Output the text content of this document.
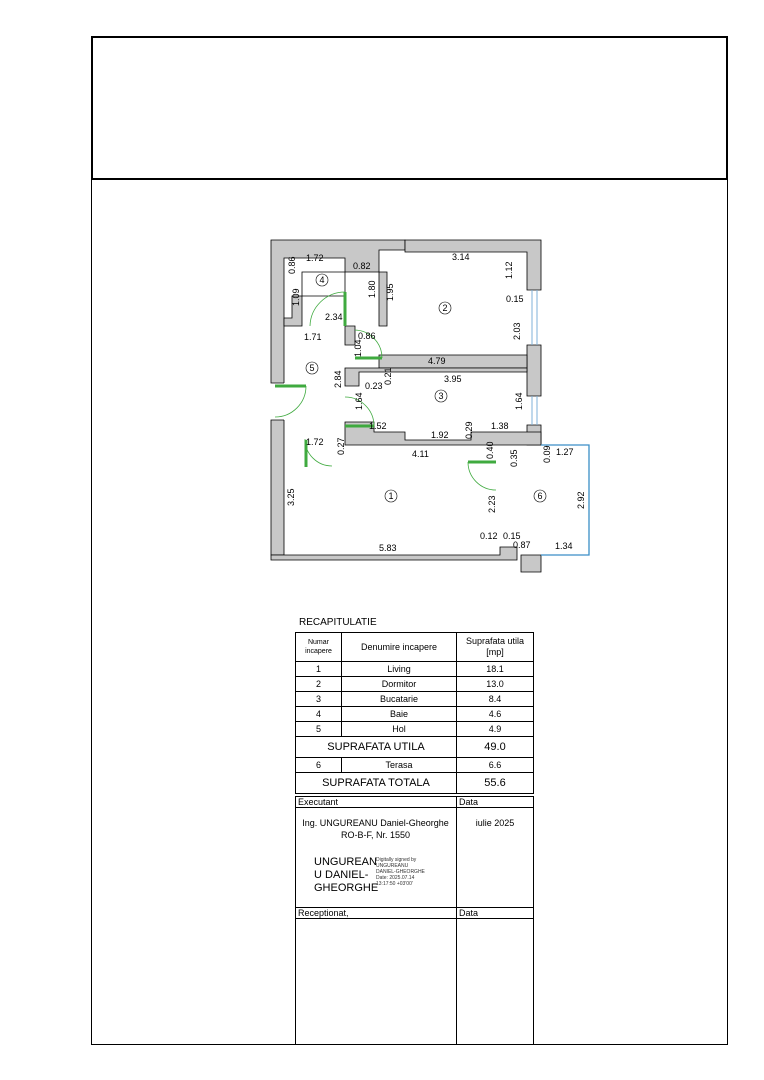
1
2
3
4
5
6
1.72
0.82
3.14
0.86	1.12
1.80 1.95
1.09	0.15
2.34
2.03
0.86
1.71
1.04
4.79
2.84 0.23
0.21	3.95
1.64	1.64
1.52
1.92 0.29 1.38
1.72 0.27	4.11	0.40 0.35	0.09 1.27
3.25	2.23	2.92
0.12 0.15
0.87
5.83	1.34
RECAPITULATIE
Numar incapere	Denumire incapere	Suprafata utila [mp]
1	Living	18.1
2	Dormitor	13.0
3	Bucatarie	8.4
4	Baie	4.6
5	Hol	4.9
SUPRAFATA UTILA		49.0
6	Terasa	6.6
SUPRAFATA TOTALA		55.6
Executant	Data
Ing. UNGUREANU Daniel-Gheorghe
RO-B-F, Nr. 1550
iulie 2025
UNGUREAN
U DANIEL-
GHEORGHE
Digitally signed by
UNGUREANU
DANIEL-GHEORGHE
Date: 2025.07.14
13:17:50 +03'00'
Receptionat,	Data
